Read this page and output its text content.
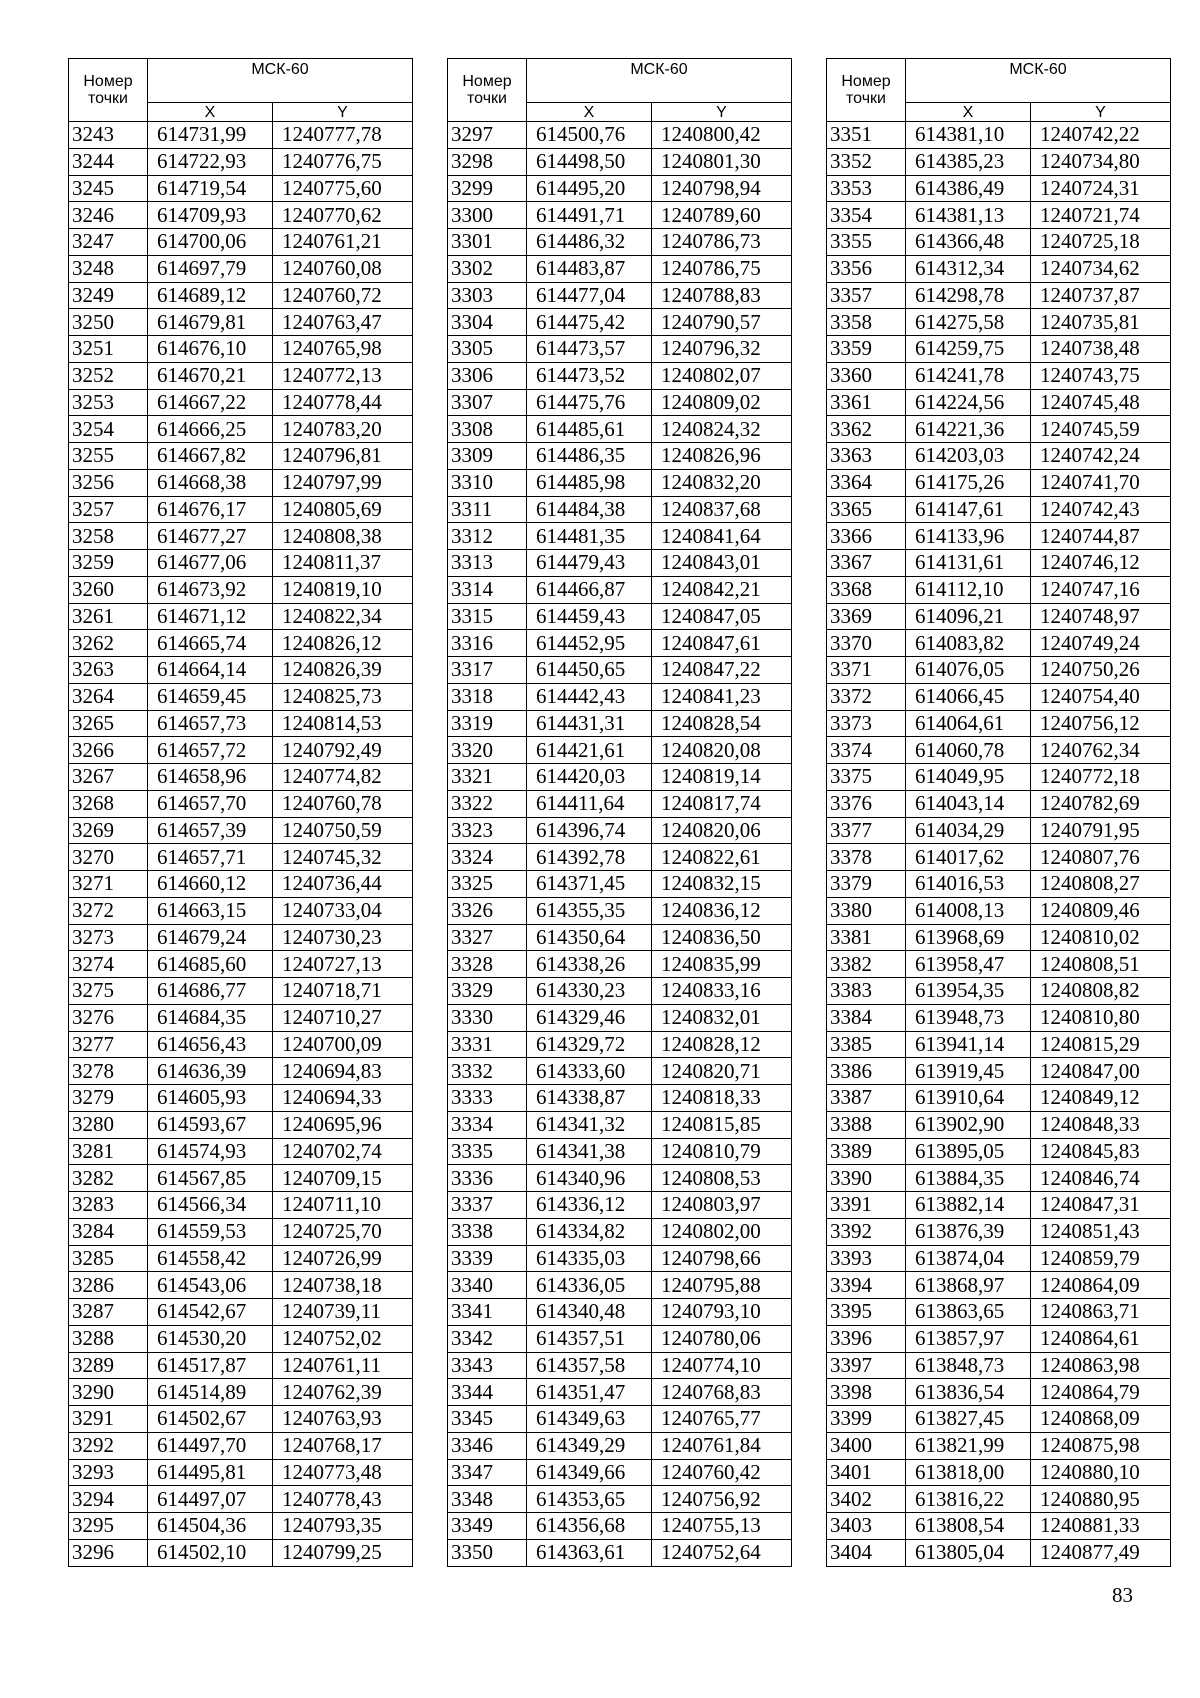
Номер
точки	МСК-60	
	X	Y
3243	614731,99	1240777,78
3244	614722,93	1240776,75
3245	614719,54	1240775,60
3246	614709,93	1240770,62
3247	614700,06	1240761,21
3248	614697,79	1240760,08
3249	614689,12	1240760,72
3250	614679,81	1240763,47
3251	614676,10	1240765,98
3252	614670,21	1240772,13
3253	614667,22	1240778,44
3254	614666,25	1240783,20
3255	614667,82	1240796,81
3256	614668,38	1240797,99
3257	614676,17	1240805,69
3258	614677,27	1240808,38
3259	614677,06	1240811,37
3260	614673,92	1240819,10
3261	614671,12	1240822,34
3262	614665,74	1240826,12
3263	614664,14	1240826,39
3264	614659,45	1240825,73
3265	614657,73	1240814,53
3266	614657,72	1240792,49
3267	614658,96	1240774,82
3268	614657,70	1240760,78
3269	614657,39	1240750,59
3270	614657,71	1240745,32
3271	614660,12	1240736,44
3272	614663,15	1240733,04
3273	614679,24	1240730,23
3274	614685,60	1240727,13
3275	614686,77	1240718,71
3276	614684,35	1240710,27
3277	614656,43	1240700,09
3278	614636,39	1240694,83
3279	614605,93	1240694,33
3280	614593,67	1240695,96
3281	614574,93	1240702,74
3282	614567,85	1240709,15
3283	614566,34	1240711,10
3284	614559,53	1240725,70
3285	614558,42	1240726,99
3286	614543,06	1240738,18
3287	614542,67	1240739,11
3288	614530,20	1240752,02
3289	614517,87	1240761,11
3290	614514,89	1240762,39
3291	614502,67	1240763,93
3292	614497,70	1240768,17
3293	614495,81	1240773,48
3294	614497,07	1240778,43
3295	614504,36	1240793,35
3296	614502,10	1240799,25
Номер
точки	МСК-60	
	X	Y
3297	614500,76	1240800,42
3298	614498,50	1240801,30
3299	614495,20	1240798,94
3300	614491,71	1240789,60
3301	614486,32	1240786,73
3302	614483,87	1240786,75
3303	614477,04	1240788,83
3304	614475,42	1240790,57
3305	614473,57	1240796,32
3306	614473,52	1240802,07
3307	614475,76	1240809,02
3308	614485,61	1240824,32
3309	614486,35	1240826,96
3310	614485,98	1240832,20
3311	614484,38	1240837,68
3312	614481,35	1240841,64
3313	614479,43	1240843,01
3314	614466,87	1240842,21
3315	614459,43	1240847,05
3316	614452,95	1240847,61
3317	614450,65	1240847,22
3318	614442,43	1240841,23
3319	614431,31	1240828,54
3320	614421,61	1240820,08
3321	614420,03	1240819,14
3322	614411,64	1240817,74
3323	614396,74	1240820,06
3324	614392,78	1240822,61
3325	614371,45	1240832,15
3326	614355,35	1240836,12
3327	614350,64	1240836,50
3328	614338,26	1240835,99
3329	614330,23	1240833,16
3330	614329,46	1240832,01
3331	614329,72	1240828,12
3332	614333,60	1240820,71
3333	614338,87	1240818,33
3334	614341,32	1240815,85
3335	614341,38	1240810,79
3336	614340,96	1240808,53
3337	614336,12	1240803,97
3338	614334,82	1240802,00
3339	614335,03	1240798,66
3340	614336,05	1240795,88
3341	614340,48	1240793,10
3342	614357,51	1240780,06
3343	614357,58	1240774,10
3344	614351,47	1240768,83
3345	614349,63	1240765,77
3346	614349,29	1240761,84
3347	614349,66	1240760,42
3348	614353,65	1240756,92
3349	614356,68	1240755,13
3350	614363,61	1240752,64
Номер
точки	МСК-60	
	X	Y
3351	614381,10	1240742,22
3352	614385,23	1240734,80
3353	614386,49	1240724,31
3354	614381,13	1240721,74
3355	614366,48	1240725,18
3356	614312,34	1240734,62
3357	614298,78	1240737,87
3358	614275,58	1240735,81
3359	614259,75	1240738,48
3360	614241,78	1240743,75
3361	614224,56	1240745,48
3362	614221,36	1240745,59
3363	614203,03	1240742,24
3364	614175,26	1240741,70
3365	614147,61	1240742,43
3366	614133,96	1240744,87
3367	614131,61	1240746,12
3368	614112,10	1240747,16
3369	614096,21	1240748,97
3370	614083,82	1240749,24
3371	614076,05	1240750,26
3372	614066,45	1240754,40
3373	614064,61	1240756,12
3374	614060,78	1240762,34
3375	614049,95	1240772,18
3376	614043,14	1240782,69
3377	614034,29	1240791,95
3378	614017,62	1240807,76
3379	614016,53	1240808,27
3380	614008,13	1240809,46
3381	613968,69	1240810,02
3382	613958,47	1240808,51
3383	613954,35	1240808,82
3384	613948,73	1240810,80
3385	613941,14	1240815,29
3386	613919,45	1240847,00
3387	613910,64	1240849,12
3388	613902,90	1240848,33
3389	613895,05	1240845,83
3390	613884,35	1240846,74
3391	613882,14	1240847,31
3392	613876,39	1240851,43
3393	613874,04	1240859,79
3394	613868,97	1240864,09
3395	613863,65	1240863,71
3396	613857,97	1240864,61
3397	613848,73	1240863,98
3398	613836,54	1240864,79
3399	613827,45	1240868,09
3400	613821,99	1240875,98
3401	613818,00	1240880,10
3402	613816,22	1240880,95
3403	613808,54	1240881,33
3404	613805,04	1240877,49
83
